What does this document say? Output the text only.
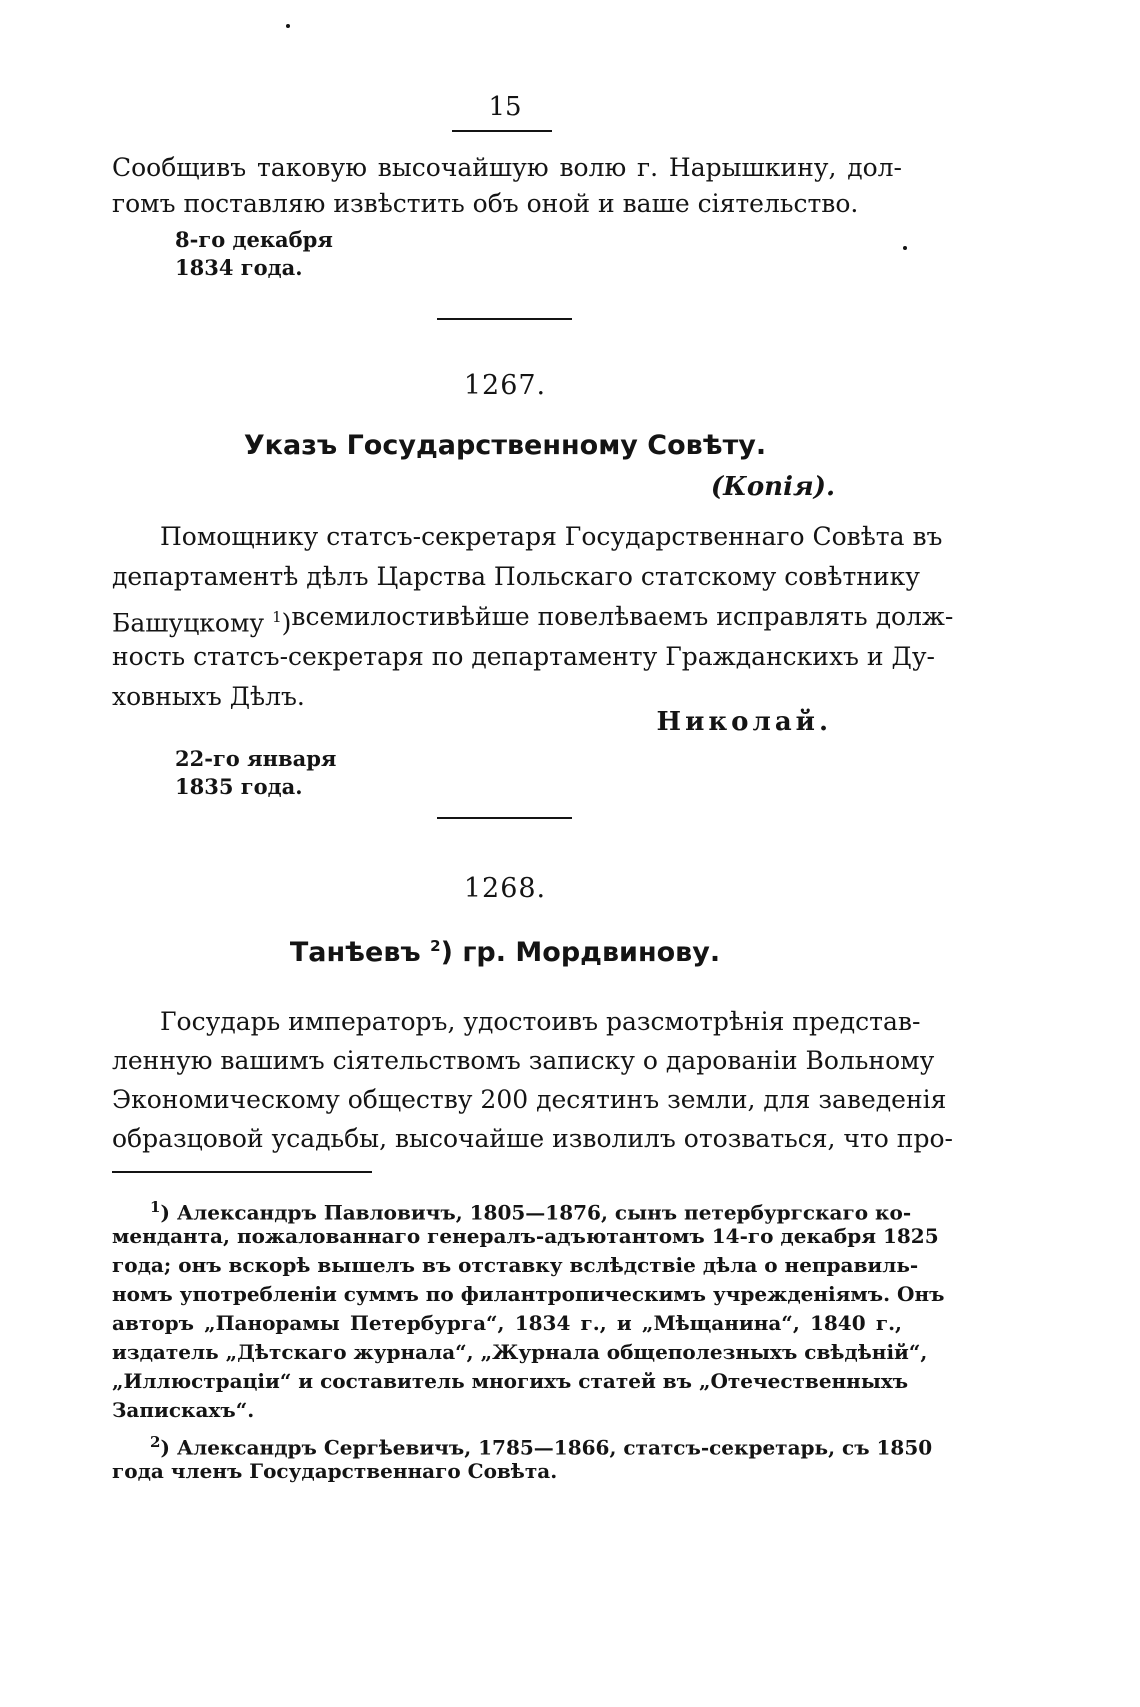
15
Сообщивъ таковую высочайшую волю г. Нарышкину, дол-
гомъ поставляю извѣстить объ оной и ваше сіятельство.
8-го декабря
1834 года.
1267.
Указъ Государственному Совѣту.
(Копія).
Помощнику статсъ-секретаря Государственнаго Совѣта въ
департаментѣ дѣлъ Царства Польскаго статскому совѣтнику
Башуцкому $^1$) всемилостивѣйше повелѣваемъ исправлять долж-
ность статсъ-секретаря по департаменту Гражданскихъ и Ду-
ховныхъ Дѣлъ.
Николай.
22-го января
1835 года.
1268.
Танѣевъ $^2$) гр. Мордвинову.
Государь императоръ, удостоивъ разсмотрѣнія представ-
ленную вашимъ сіятельствомъ записку о дарованіи Вольному
Экономическому обществу 200 десятинъ земли, для заведенія
образцовой усадьбы, высочайше изволилъ отозваться, что про-
$^1$) Александръ Павловичъ, 1805—1876, сынъ петербургскаго ко-
менданта, пожалованнаго генералъ-адъютантомъ 14-го декабря 1825
года; онъ вскорѣ вышелъ въ отставку вслѣдствіе дѣла о неправиль-
номъ употребленіи суммъ по филантропическимъ учрежденіямъ. Онъ
авторъ „Панорамы Петербурга“, 1834 г., и „Мѣщанина“, 1840 г.,
издатель „Дѣтскаго журнала“, „Журнала общеполезныхъ свѣдѣній“,
„Иллюстраціи“ и составитель многихъ статей въ „Отечественныхъ
Запискахъ“.
$^2$) Александръ Сергѣевичъ, 1785—1866, статсъ-секретарь, съ 1850
года членъ Государственнаго Совѣта.
